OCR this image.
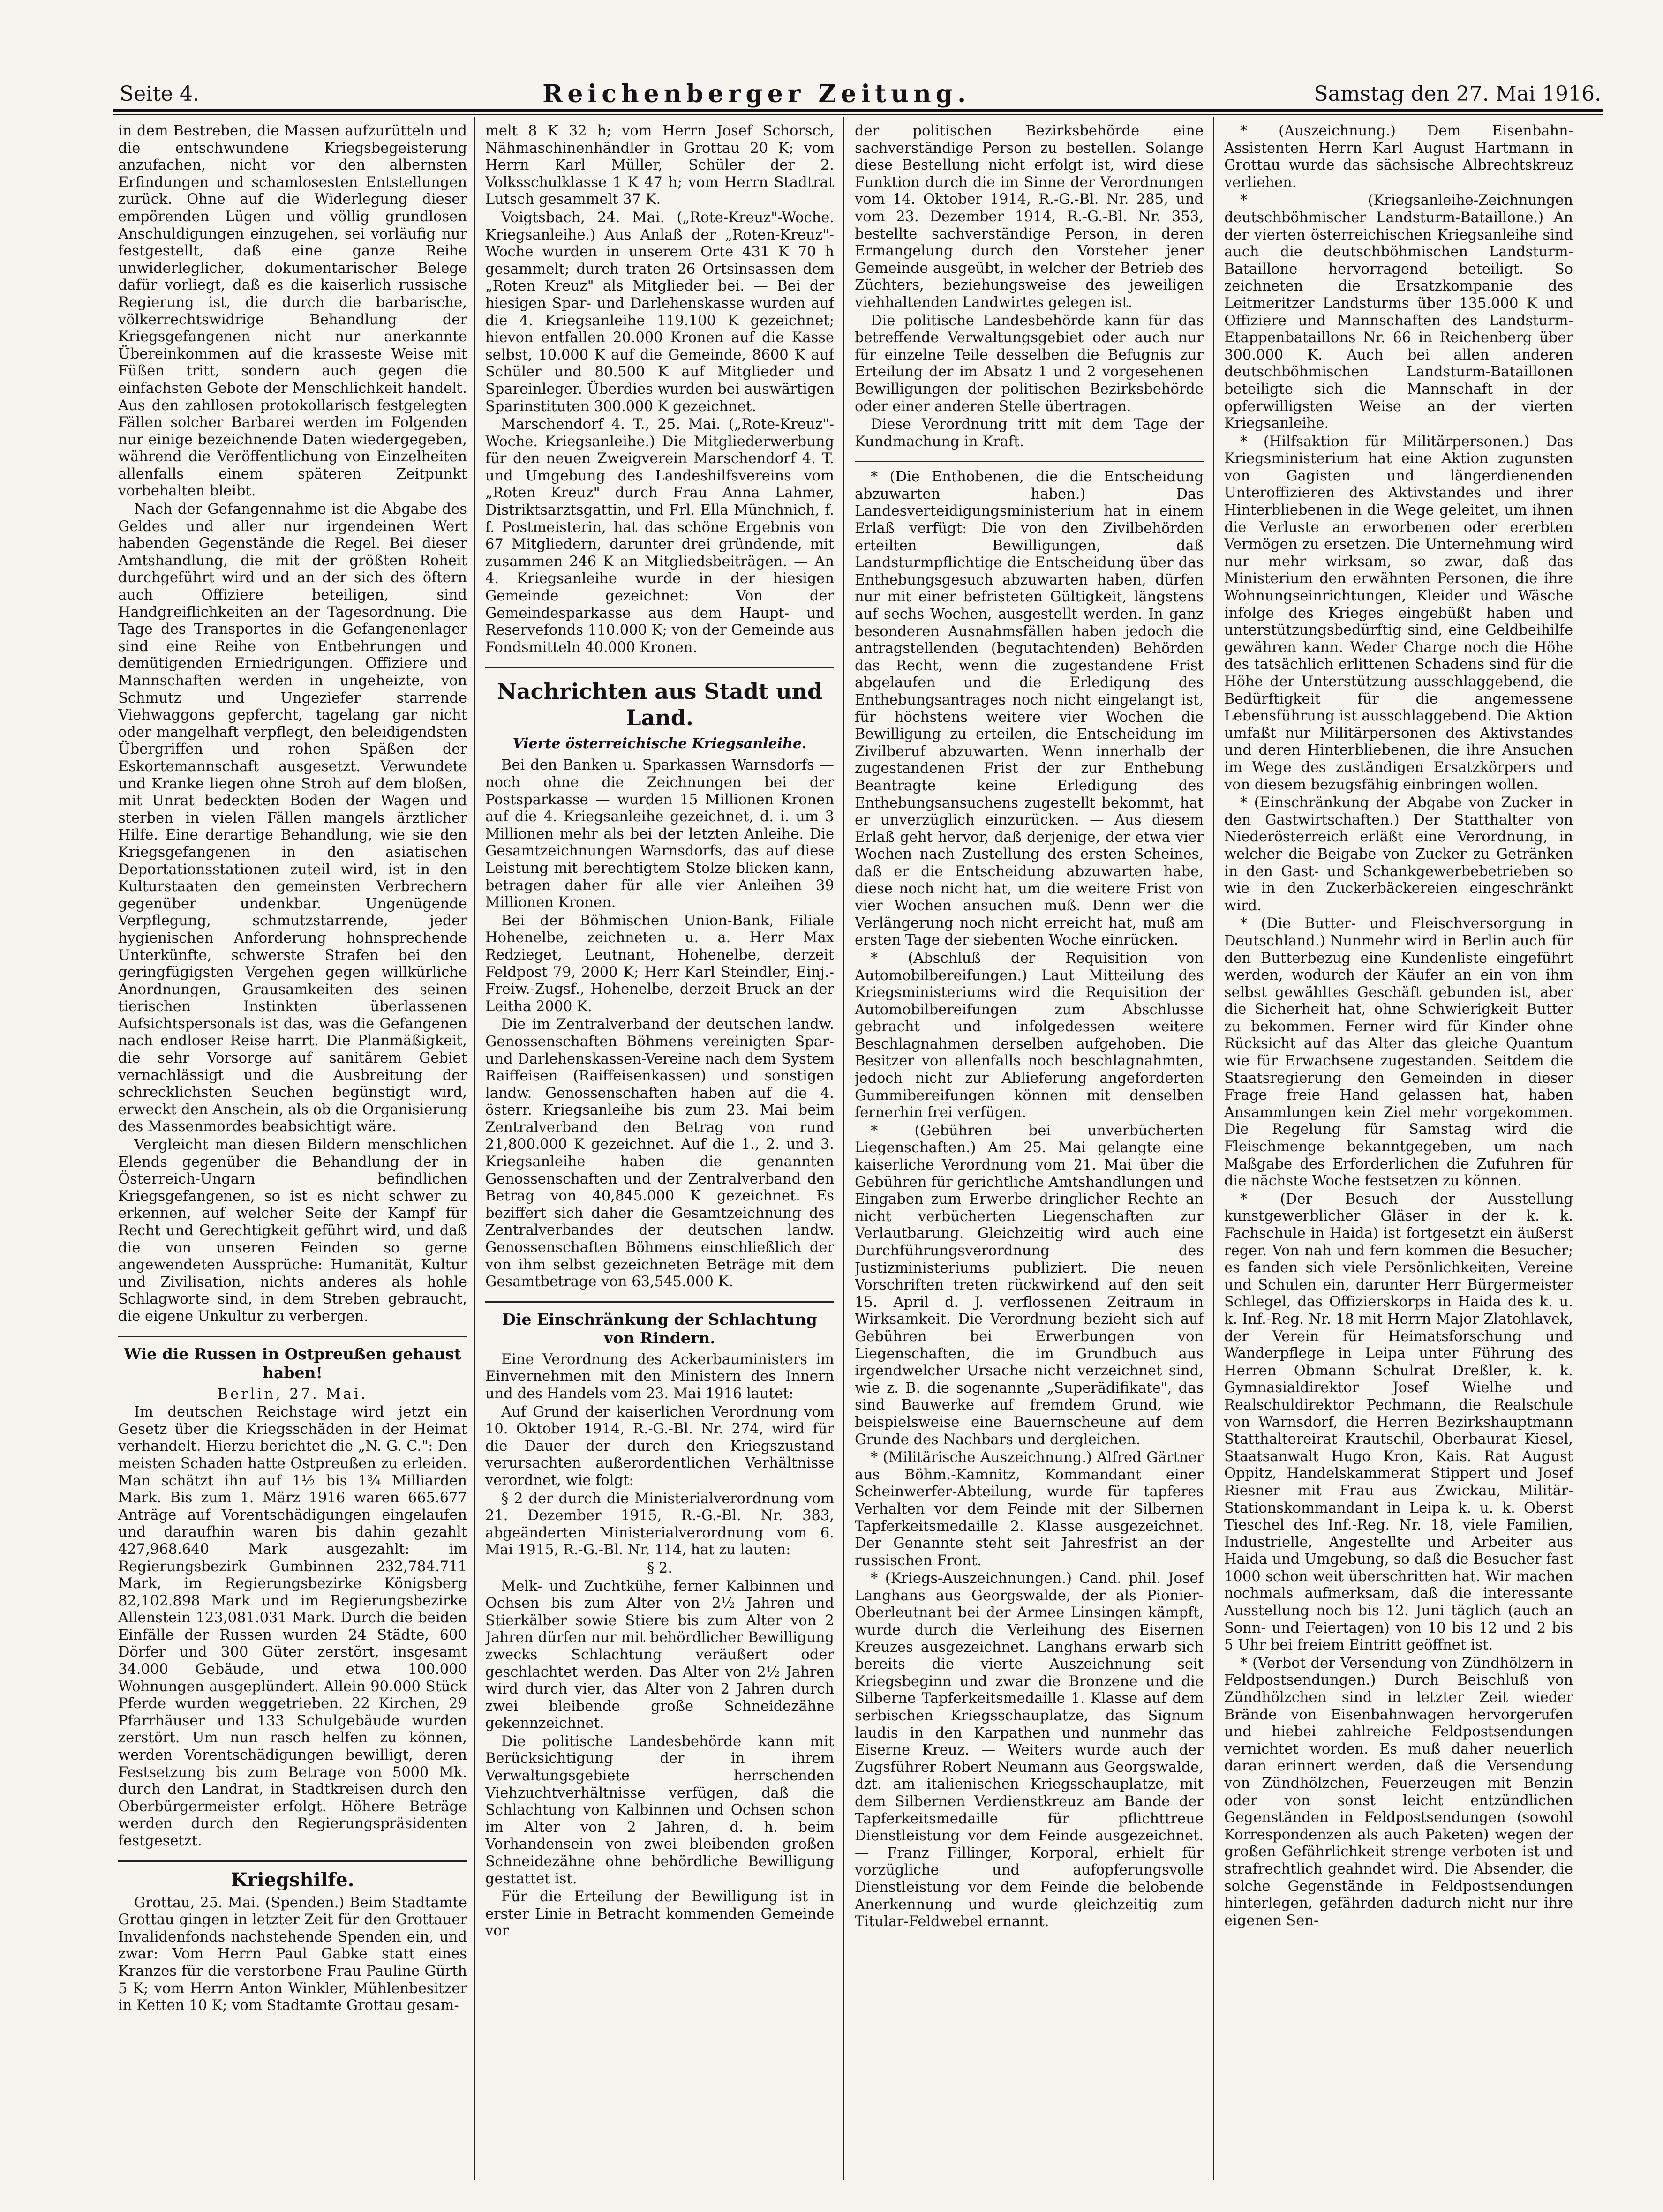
Seite 4.	Reichenberger Zeitung.	Samstag den 27. Mai 1916.

in dem Bestreben, die Massen aufzurütteln und die entschwundene Kriegsbegeisterung anzufachen, nicht vor den albernsten Erfindungen und schamlosesten Entstellungen zurück. Ohne auf die Widerlegung dieser empörenden Lügen und völlig grundlosen Anschuldigungen einzugehen, sei vorläufig nur festgestellt, daß eine ganze Reihe unwiderleglicher, dokumentarischer Belege dafür vorliegt, daß es die kaiserlich russische Regierung ist, die durch die barbarische, völkerrechtswidrige Behandlung der Kriegsgefangenen nicht nur anerkannte Übereinkommen auf die krasseste Weise mit Füßen tritt, sondern auch gegen die einfachsten Gebote der Menschlichkeit handelt. Aus den zahllosen protokollarisch festgelegten Fällen solcher Barbarei werden im Folgenden nur einige bezeichnende Daten wiedergegeben, während die Veröffentlichung von Einzelheiten allenfalls einem späteren Zeitpunkt vorbehalten bleibt.

Nach der Gefangennahme ist die Abgabe des Geldes und aller nur irgendeinen Wert habenden Gegenstände die Regel. Bei dieser Amtshandlung, die mit der größten Roheit durchgeführt wird und an der sich des öftern auch Offiziere beteiligen, sind Handgreiflichkeiten an der Tagesordnung. Die Tage des Transportes in die Gefangenenlager sind eine Reihe von Entbehrungen und demütigenden Erniedrigungen. Offiziere und Mannschaften werden in ungeheizte, von Schmutz und Ungeziefer starrende Viehwaggons gepfercht, tagelang gar nicht oder mangelhaft verpflegt, den beleidigendsten Übergriffen und rohen Späßen der Eskortemannschaft ausgesetzt. Verwundete und Kranke liegen ohne Stroh auf dem bloßen, mit Unrat bedeckten Boden der Wagen und sterben in vielen Fällen mangels ärztlicher Hilfe. Eine derartige Behandlung, wie sie den Kriegsgefangenen in den asiatischen Deportationsstationen zuteil wird, ist in den Kulturstaaten den gemeinsten Verbrechern gegenüber undenkbar. Ungenügende Verpflegung, schmutzstarrende, jeder hygienischen Anforderung hohnsprechende Unterkünfte, schwerste Strafen bei den geringfügigsten Vergehen gegen willkürliche Anordnungen, Grausamkeiten des seinen tierischen Instinkten überlassenen Aufsichtspersonals ist das, was die Gefangenen nach endloser Reise harrt. Die Planmäßigkeit, die sehr Vorsorge auf sanitärem Gebiet vernachlässigt und die Ausbreitung der schrecklichsten Seuchen begünstigt wird, erweckt den Anschein, als ob die Organisierung des Massenmordes beabsichtigt wäre.

Vergleicht man diesen Bildern menschlichen Elends gegenüber die Behandlung der in Österreich-Ungarn befindlichen Kriegsgefangenen, so ist es nicht schwer zu erkennen, auf welcher Seite der Kampf für Recht und Gerechtigkeit geführt wird, und daß die von unseren Feinden so gerne angewendeten Aussprüche: Humanität, Kultur und Zivilisation, nichts anderes als hohle Schlagworte sind, in dem Streben gebraucht, die eigene Unkultur zu verbergen.

Wie die Russen in Ostpreußen gehaust haben!

Berlin, 27. Mai.

Im deutschen Reichstage wird jetzt ein Gesetz über die Kriegsschäden in der Heimat verhandelt. Hierzu berichtet die „N. G. C.": Den meisten Schaden hatte Ostpreußen zu erleiden. Man schätzt ihn auf 1½ bis 1¾ Milliarden Mark. Bis zum 1. März 1916 waren 665.677 Anträge auf Vorentschädigungen eingelaufen und daraufhin waren bis dahin gezahlt 427,968.640 Mark ausgezahlt: im Regierungsbezirk Gumbinnen 232,784.711 Mark, im Regierungsbezirke Königsberg 82,102.898 Mark und im Regierungsbezirke Allenstein 123,081.031 Mark. Durch die beiden Einfälle der Russen wurden 24 Städte, 600 Dörfer und 300 Güter zerstört, insgesamt 34.000 Gebäude, und etwa 100.000 Wohnungen ausgeplündert. Allein 90.000 Stück Pferde wurden weggetrieben. 22 Kirchen, 29 Pfarrhäuser und 133 Schulgebäude wurden zerstört. Um nun rasch helfen zu können, werden Vorentschädigungen bewilligt, deren Festsetzung bis zum Betrage von 5000 Mk. durch den Landrat, in Stadtkreisen durch den Oberbürgermeister erfolgt. Höhere Beträge werden durch den Regierungspräsidenten festgesetzt.

Kriegshilfe.

Grottau, 25. Mai. (Spenden.) Beim Stadtamte Grottau gingen in letzter Zeit für den Grottauer Invalidenfonds nachstehende Spenden ein, und zwar: Vom Herrn Paul Gabke statt eines Kranzes für die verstorbene Frau Pauline Gürth 5 K; vom Herrn Anton Winkler, Mühlenbesitzer in Ketten 10 K; vom Stadtamte Grottau gesam-

melt 8 K 32 h; vom Herrn Josef Schorsch, Nähmaschinenhändler in Grottau 20 K; vom Herrn Karl Müller, Schüler der 2. Volksschulklasse 1 K 47 h; vom Herrn Stadtrat Lutsch gesammelt 37 K.

Voigtsbach, 24. Mai. („Rote-Kreuz"-Woche. Kriegsanleihe.) Aus Anlaß der „Roten-Kreuz"-Woche wurden in unserem Orte 431 K 70 h gesammelt; durch traten 26 Ortsinsassen dem „Roten Kreuz" als Mitglieder bei. — Bei der hiesigen Spar- und Darlehenskasse wurden auf die 4. Kriegsanleihe 119.100 K gezeichnet; hievon entfallen 20.000 Kronen auf die Kasse selbst, 10.000 K auf die Gemeinde, 8600 K auf Schüler und 80.500 K auf Mitglieder und Spareinleger. Überdies wurden bei auswärtigen Sparinstituten 300.000 K gezeichnet.

Marschendorf 4. T., 25. Mai. („Rote-Kreuz"-Woche. Kriegsanleihe.) Die Mitgliederwerbung für den neuen Zweigverein Marschendorf 4. T. und Umgebung des Landeshilfsvereins vom „Roten Kreuz" durch Frau Anna Lahmer, Distriktsarztsgattin, und Frl. Ella Münchnich, f. f. Postmeisterin, hat das schöne Ergebnis von 67 Mitgliedern, darunter drei gründende, mit zusammen 246 K an Mitgliedsbeiträgen. — An 4. Kriegsanleihe wurde in der hiesigen Gemeinde gezeichnet: Von der Gemeindesparkasse aus dem Haupt- und Reservefonds 110.000 K; von der Gemeinde aus Fondsmitteln 40.000 Kronen.

Nachrichten aus Stadt und Land.
Vierte österreichische Kriegsanleihe.

Bei den Banken u. Sparkassen Warnsdorfs — noch ohne die Zeichnungen bei der Postsparkasse — wurden 15 Millionen Kronen auf die 4. Kriegsanleihe gezeichnet, d. i. um 3 Millionen mehr als bei der letzten Anleihe. Die Gesamtzeichnungen Warnsdorfs, das auf diese Leistung mit berechtigtem Stolze blicken kann, betragen daher für alle vier Anleihen 39 Millionen Kronen.

Bei der Böhmischen Union-Bank, Filiale Hohenelbe, zeichneten u. a. Herr Max Redzieget, Leutnant, Hohenelbe, derzeit Feldpost 79, 2000 K; Herr Karl Steindler, Einj.-Freiw.-Zugsf., Hohenelbe, derzeit Bruck an der Leitha 2000 K.

Die im Zentralverband der deutschen landw. Genossenschaften Böhmens vereinigten Spar- und Darlehenskassen-Vereine nach dem System Raiffeisen (Raiffeisenkassen) und sonstigen landw. Genossenschaften haben auf die 4. österr. Kriegsanleihe bis zum 23. Mai beim Zentralverband den Betrag von rund 21,800.000 K gezeichnet. Auf die 1., 2. und 3. Kriegsanleihe haben die genannten Genossenschaften und der Zentralverband den Betrag von 40,845.000 K gezeichnet. Es beziffert sich daher die Gesamtzeichnung des Zentralverbandes der deutschen landw. Genossenschaften Böhmens einschließlich der von ihm selbst gezeichneten Beträge mit dem Gesamtbetrage von 63,545.000 K.

Die Einschränkung der Schlachtung von Rindern.

Eine Verordnung des Ackerbauministers im Einvernehmen mit den Ministern des Innern und des Handels vom 23. Mai 1916 lautet:

Auf Grund der kaiserlichen Verordnung vom 10. Oktober 1914, R.-G.-Bl. Nr. 274, wird für die Dauer der durch den Kriegszustand verursachten außerordentlichen Verhältnisse verordnet, wie folgt:

§ 2 der durch die Ministerialverordnung vom 21. Dezember 1915, R.-G.-Bl. Nr. 383, abgeänderten Ministerialverordnung vom 6. Mai 1915, R.-G.-Bl. Nr. 114, hat zu lauten:

§ 2.

Melk- und Zuchtkühe, ferner Kalbinnen und Ochsen bis zum Alter von 2½ Jahren und Stierkälber sowie Stiere bis zum Alter von 2 Jahren dürfen nur mit behördlicher Bewilligung zwecks Schlachtung veräußert oder geschlachtet werden. Das Alter von 2½ Jahren wird durch vier, das Alter von 2 Jahren durch zwei bleibende große Schneidezähne gekennzeichnet.

Die politische Landesbehörde kann mit Berücksichtigung der in ihrem Verwaltungsgebiete herrschenden Viehzuchtverhältnisse verfügen, daß die Schlachtung von Kalbinnen und Ochsen schon im Alter von 2 Jahren, d. h. beim Vorhandensein von zwei bleibenden großen Schneidezähne ohne behördliche Bewilligung gestattet ist.

Für die Erteilung der Bewilligung ist in erster Linie in Betracht kommenden Gemeinde vor

der politischen Bezirksbehörde eine sachverständige Person zu bestellen. Solange diese Bestellung nicht erfolgt ist, wird diese Funktion durch die im Sinne der Verordnungen vom 14. Oktober 1914, R.-G.-Bl. Nr. 285, und vom 23. Dezember 1914, R.-G.-Bl. Nr. 353, bestellte sachverständige Person, in deren Ermangelung durch den Vorsteher jener Gemeinde ausgeübt, in welcher der Betrieb des Züchters, beziehungsweise des jeweiligen viehhaltenden Landwirtes gelegen ist.

Die politische Landesbehörde kann für das betreffende Verwaltungsgebiet oder auch nur für einzelne Teile desselben die Befugnis zur Erteilung der im Absatz 1 und 2 vorgesehenen Bewilligungen der politischen Bezirksbehörde oder einer anderen Stelle übertragen.

Diese Verordnung tritt mit dem Tage der Kundmachung in Kraft.

* (Die Enthobenen, die die Entscheidung abzuwarten haben.) Das Landesverteidigungsministerium hat in einem Erlaß verfügt: Die von den Zivilbehörden erteilten Bewilligungen, daß Landsturmpflichtige die Entscheidung über das Enthebungsgesuch abzuwarten haben, dürfen nur mit einer befristeten Gültigkeit, längstens auf sechs Wochen, ausgestellt werden. In ganz besonderen Ausnahmsfällen haben jedoch die antragstellenden (begutachtenden) Behörden das Recht, wenn die zugestandene Frist abgelaufen und die Erledigung des Enthebungsantrages noch nicht eingelangt ist, für höchstens weitere vier Wochen die Bewilligung zu erteilen, die Entscheidung im Zivilberuf abzuwarten. Wenn innerhalb der zugestandenen Frist der zur Enthebung Beantragte keine Erledigung des Enthebungsansuchens zugestellt bekommt, hat er unverzüglich einzurücken. — Aus diesem Erlaß geht hervor, daß derjenige, der etwa vier Wochen nach Zustellung des ersten Scheines, daß er die Entscheidung abzuwarten habe, diese noch nicht hat, um die weitere Frist von vier Wochen ansuchen muß. Denn wer die Verlängerung noch nicht erreicht hat, muß am ersten Tage der siebenten Woche einrücken.

* (Abschluß der Requisition von Automobilbereifungen.) Laut Mitteilung des Kriegsministeriums wird die Requisition der Automobilbereifungen zum Abschlusse gebracht und infolgedessen weitere Beschlagnahmen derselben aufgehoben. Die Besitzer von allenfalls noch beschlagnahmten, jedoch nicht zur Ablieferung angeforderten Gummibereifungen können mit denselben fernerhin frei verfügen.

* (Gebühren bei unverbücherten Liegenschaften.) Am 25. Mai gelangte eine kaiserliche Verordnung vom 21. Mai über die Gebühren für gerichtliche Amtshandlungen und Eingaben zum Erwerbe dringlicher Rechte an nicht verbücherten Liegenschaften zur Verlautbarung. Gleichzeitig wird auch eine Durchführungsverordnung des Justizministeriums publiziert. Die neuen Vorschriften treten rückwirkend auf den seit 15. April d. J. verflossenen Zeitraum in Wirksamkeit. Die Verordnung bezieht sich auf Gebühren bei Erwerbungen von Liegenschaften, die im Grundbuch aus irgendwelcher Ursache nicht verzeichnet sind, wie z. B. die sogenannte „Superädifikate", das sind Bauwerke auf fremdem Grund, wie beispielsweise eine Bauernscheune auf dem Grunde des Nachbars und dergleichen.

* (Militärische Auszeichnung.) Alfred Gärtner aus Böhm.-Kamnitz, Kommandant einer Scheinwerfer-Abteilung, wurde für tapferes Verhalten vor dem Feinde mit der Silbernen Tapferkeitsmedaille 2. Klasse ausgezeichnet. Der Genannte steht seit Jahresfrist an der russischen Front.

* (Kriegs-Auszeichnungen.) Cand. phil. Josef Langhans aus Georgswalde, der als Pionier-Oberleutnant bei der Armee Linsingen kämpft, wurde durch die Verleihung des Eisernen Kreuzes ausgezeichnet. Langhans erwarb sich bereits die vierte Auszeichnung seit Kriegsbeginn und zwar die Bronzene und die Silberne Tapferkeitsmedaille 1. Klasse auf dem serbischen Kriegsschauplatze, das Signum laudis in den Karpathen und nunmehr das Eiserne Kreuz. — Weiters wurde auch der Zugsführer Robert Neumann aus Georgswalde, dzt. am italienischen Kriegsschauplatze, mit dem Silbernen Verdienstkreuz am Bande der Tapferkeitsmedaille für pflichttreue Dienstleistung vor dem Feinde ausgezeichnet. — Franz Fillinger, Korporal, erhielt für vorzügliche und aufopferungsvolle Dienstleistung vor dem Feinde die belobende Anerkennung und wurde gleichzeitig zum Titular-Feldwebel ernannt.

* (Auszeichnung.) Dem Eisenbahn-Assistenten Herrn Karl August Hartmann in Grottau wurde das sächsische Albrechtskreuz verliehen.

* (Kriegsanleihe-Zeichnungen deutschböhmischer Landsturm-Bataillone.) An der vierten österreichischen Kriegsanleihe sind auch die deutschböhmischen Landsturm-Bataillone hervorragend beteiligt. So zeichneten die Ersatzkompanie des Leitmeritzer Landsturms über 135.000 K und Offiziere und Mannschaften des Landsturm-Etappenbataillons Nr. 66 in Reichenberg über 300.000 K. Auch bei allen anderen deutschböhmischen Landsturm-Bataillonen beteiligte sich die Mannschaft in der opferwilligsten Weise an der vierten Kriegsanleihe.

* (Hilfsaktion für Militärpersonen.) Das Kriegsministerium hat eine Aktion zugunsten von Gagisten und längerdienenden Unteroffizieren des Aktivstandes und ihrer Hinterbliebenen in die Wege geleitet, um ihnen die Verluste an erworbenen oder ererbten Vermögen zu ersetzen. Die Unternehmung wird nur mehr wirksam, so zwar, daß das Ministerium den erwähnten Personen, die ihre Wohnungseinrichtungen, Kleider und Wäsche infolge des Krieges eingebüßt haben und unterstützungsbedürftig sind, eine Geldbeihilfe gewähren kann. Weder Charge noch die Höhe des tatsächlich erlittenen Schadens sind für die Höhe der Unterstützung ausschlaggebend, die Bedürftigkeit für die angemessene Lebensführung ist ausschlaggebend. Die Aktion umfaßt nur Militärpersonen des Aktivstandes und deren Hinterbliebenen, die ihre Ansuchen im Wege des zuständigen Ersatzkörpers und von diesem bezugsfähig einbringen wollen.

* (Einschränkung der Abgabe von Zucker in den Gastwirtschaften.) Der Statthalter von Niederösterreich erläßt eine Verordnung, in welcher die Beigabe von Zucker zu Getränken in den Gast- und Schankgewerbebetrieben so wie in den Zuckerbäckereien eingeschränkt wird.

* (Die Butter- und Fleischversorgung in Deutschland.) Nunmehr wird in Berlin auch für den Butterbezug eine Kundenliste eingeführt werden, wodurch der Käufer an ein von ihm selbst gewähltes Geschäft gebunden ist, aber die Sicherheit hat, ohne Schwierigkeit Butter zu bekommen. Ferner wird für Kinder ohne Rücksicht auf das Alter das gleiche Quantum wie für Erwachsene zugestanden. Seitdem die Staatsregierung den Gemeinden in dieser Frage freie Hand gelassen hat, haben Ansammlungen kein Ziel mehr vorgekommen. Die Regelung für Samstag wird die Fleischmenge bekanntgegeben, um nach Maßgabe des Erforderlichen die Zufuhren für die nächste Woche festsetzen zu können.

* (Der Besuch der Ausstellung kunstgewerblicher Gläser in der k. k. Fachschule in Haida) ist fortgesetzt ein äußerst reger. Von nah und fern kommen die Besucher; es fanden sich viele Persönlichkeiten, Vereine und Schulen ein, darunter Herr Bürgermeister Schlegel, das Offizierskorps in Haida des k. u. k. Inf.-Reg. Nr. 18 mit Herrn Major Zlatohlavek, der Verein für Heimatsforschung und Wanderpflege in Leipa unter Führung des Herren Obmann Schulrat Dreßler, k. k. Gymnasialdirektor Josef Wielhe und Realschuldirektor Pechmann, die Realschule von Warnsdorf, die Herren Bezirkshauptmann Statthaltereirat Krautschil, Oberbaurat Kiesel, Staatsanwalt Hugo Kron, Kais. Rat August Oppitz, Handelskammerat Stippert und Josef Riesner mit Frau aus Zwickau, Militär-Stationskommandant in Leipa k. u. k. Oberst Tieschel des Inf.-Reg. Nr. 18, viele Familien, Industrielle, Angestellte und Arbeiter aus Haida und Umgebung, so daß die Besucher fast 1000 schon weit überschritten hat. Wir machen nochmals aufmerksam, daß die interessante Ausstellung noch bis 12. Juni täglich (auch an Sonn- und Feiertagen) von 10 bis 12 und 2 bis 5 Uhr bei freiem Eintritt geöffnet ist.

* (Verbot der Versendung von Zündhölzern in Feldpostsendungen.) Durch Beischluß von Zündhölzchen sind in letzter Zeit wieder Brände von Eisenbahnwagen hervorgerufen und hiebei zahlreiche Feldpostsendungen vernichtet worden. Es muß daher neuerlich daran erinnert werden, daß die Versendung von Zündhölzchen, Feuerzeugen mit Benzin oder von sonst leicht entzündlichen Gegenständen in Feldpostsendungen (sowohl Korrespondenzen als auch Paketen) wegen der großen Gefährlichkeit strenge verboten ist und strafrechtlich geahndet wird. Die Absender, die solche Gegenstände in Feldpostsendungen hinterlegen, gefährden dadurch nicht nur ihre eigenen Sen-
